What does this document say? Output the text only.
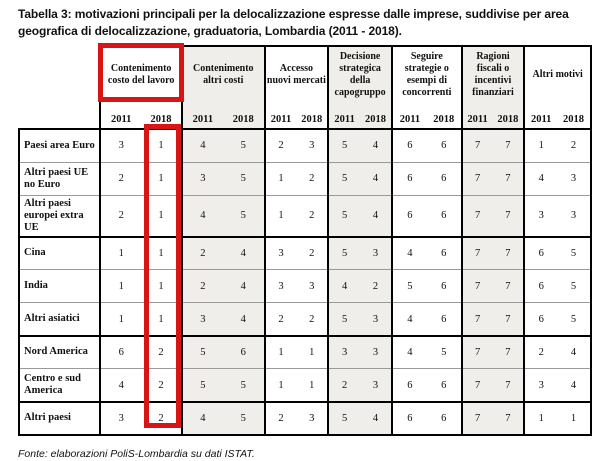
Tabella 3: motivazioni principali per la delocalizzazione espresse dalle imprese, suddivise per area geografica di delocalizzazione, graduatoria, Lombardia (2011 - 2018).
	Contenimento costo del lavoro		Contenimento altri costi		Accesso nuovi mercati		Decisione strategica della capogruppo		Seguire strategie o esempi di concorrenti		Ragioni fiscali o incentivi finanziari		Altri motivi	
	2011	2018	2011	2018	2011	2018	2011	2018	2011	2018	2011	2018	2011	2018
Paesi area Euro	3	1	4	5	2	3	5	4	6	6	7	7	1	2
Altri paesi UE no Euro	2	1	3	5	1	2	5	4	6	6	7	7	4	3
Altri paesi europei extra UE	2	1	4	5	1	2	5	4	6	6	7	7	3	3
Cina	1	1	2	4	3	2	5	3	4	6	7	7	6	5
India	1	1	2	4	3	3	4	2	5	6	7	7	6	5
Altri asiatici	1	1	3	4	2	2	5	3	4	6	7	7	6	5
Nord America	6	2	5	6	1	1	3	3	4	5	7	7	2	4
Centro e sud America	4	2	5	5	1	1	2	3	6	6	7	7	3	4
Altri paesi	3	2	4	5	2	3	5	4	6	6	7	7	1	1
Fonte: elaborazioni PoliS-Lombardia su dati ISTAT.
